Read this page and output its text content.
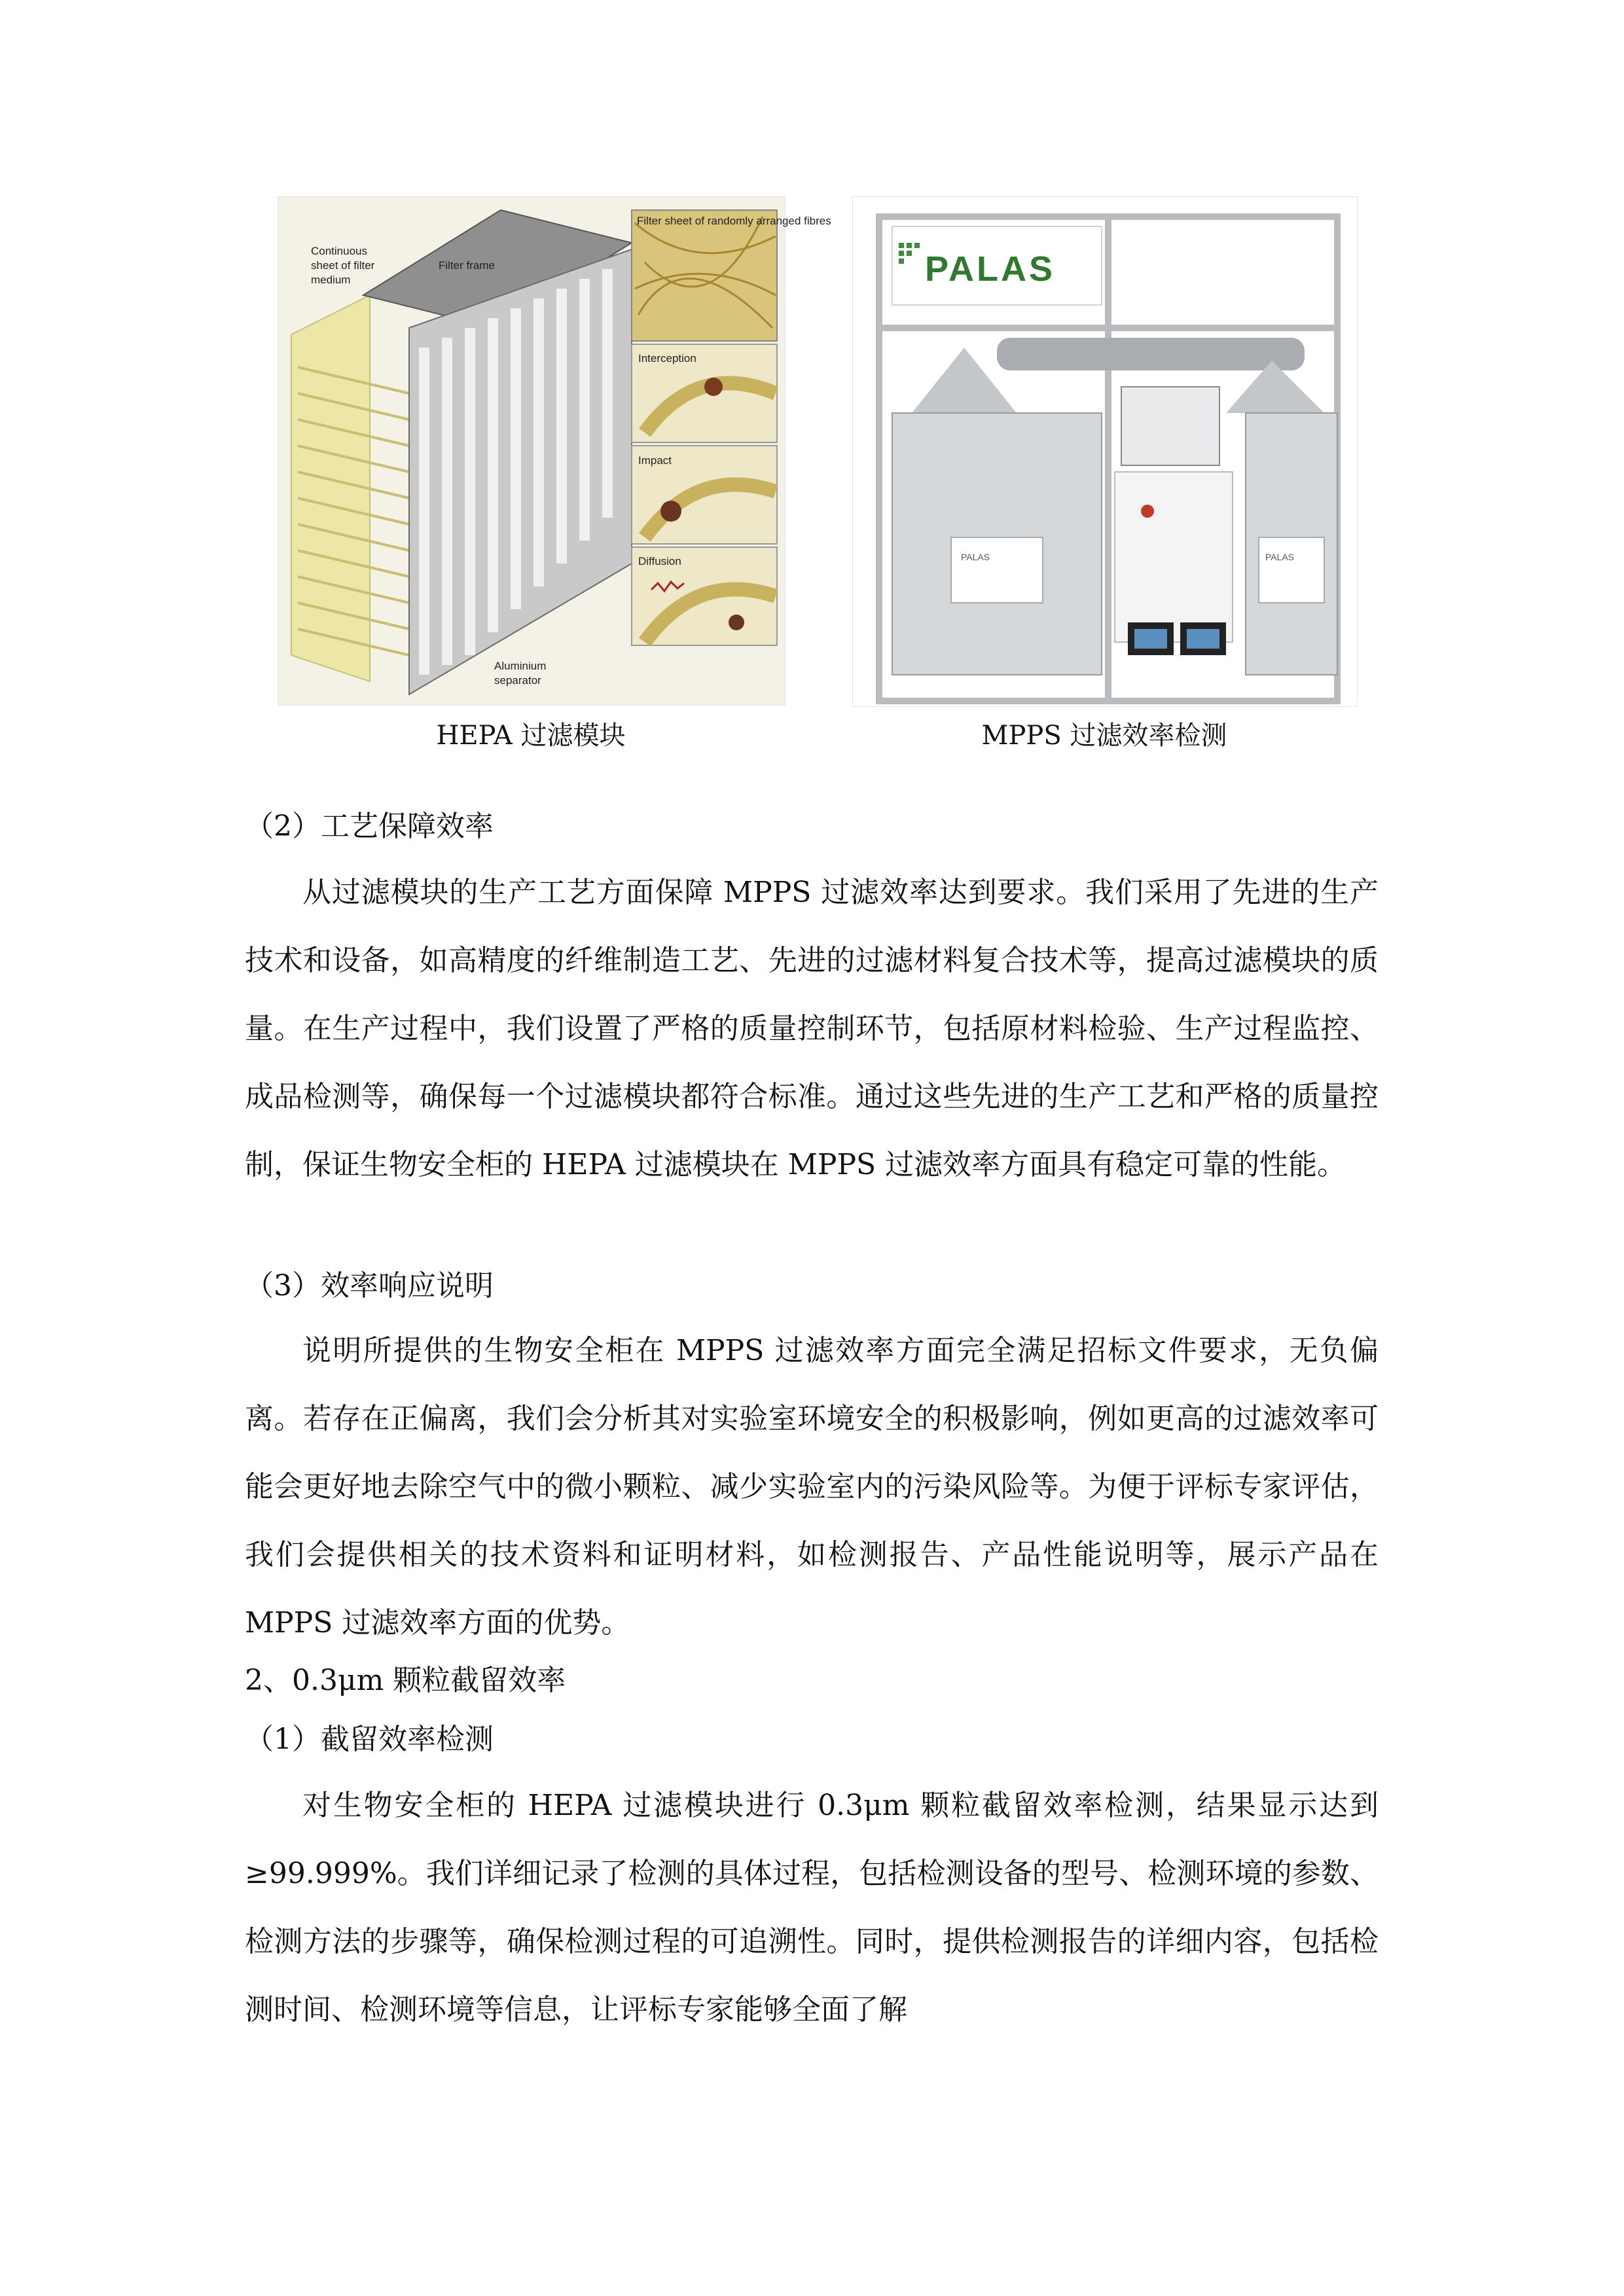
Filter sheet of randomly arranged fibres
Continuous
sheet of filter
medium
Filter frame
Interception
Impact
Diffusion
Aluminium
separator
HEPA 过滤模块
PALAS
PALAS	PALAS
MPPS 过滤效率检测
（2）工艺保障效率

从过滤模块的生产工艺方面保障 MPPS 过滤效率达到要求。我们采用了先进的生产技术和设备，如高精度的纤维制造工艺、先进的过滤材料复合技术等，提高过滤模块的质量。在生产过程中，我们设置了严格的质量控制环节，包括原材料检验、生产过程监控、成品检测等，确保每一个过滤模块都符合标准。通过这些先进的生产工艺和严格的质量控制，保证生物安全柜的 HEPA 过滤模块在 MPPS 过滤效率方面具有稳定可靠的性能。

（3）效率响应说明

说明所提供的生物安全柜在 MPPS 过滤效率方面完全满足招标文件要求，无负偏离。若存在正偏离，我们会分析其对实验室环境安全的积极影响，例如更高的过滤效率可能会更好地去除空气中的微小颗粒、减少实验室内的污染风险等。为便于评标专家评估，我们会提供相关的技术资料和证明材料，如检测报告、产品性能说明等，展示产品在 MPPS 过滤效率方面的优势。

2、0.3μm 颗粒截留效率
（1）截留效率检测

对生物安全柜的 HEPA 过滤模块进行 0.3μm 颗粒截留效率检测，结果显示达到≥99.999%。我们详细记录了检测的具体过程，包括检测设备的型号、检测环境的参数、检测方法的步骤等，确保检测过程的可追溯性。同时，提供检测报告的详细内容，包括检测时间、检测环境等信息，让评标专家能够全面了解
